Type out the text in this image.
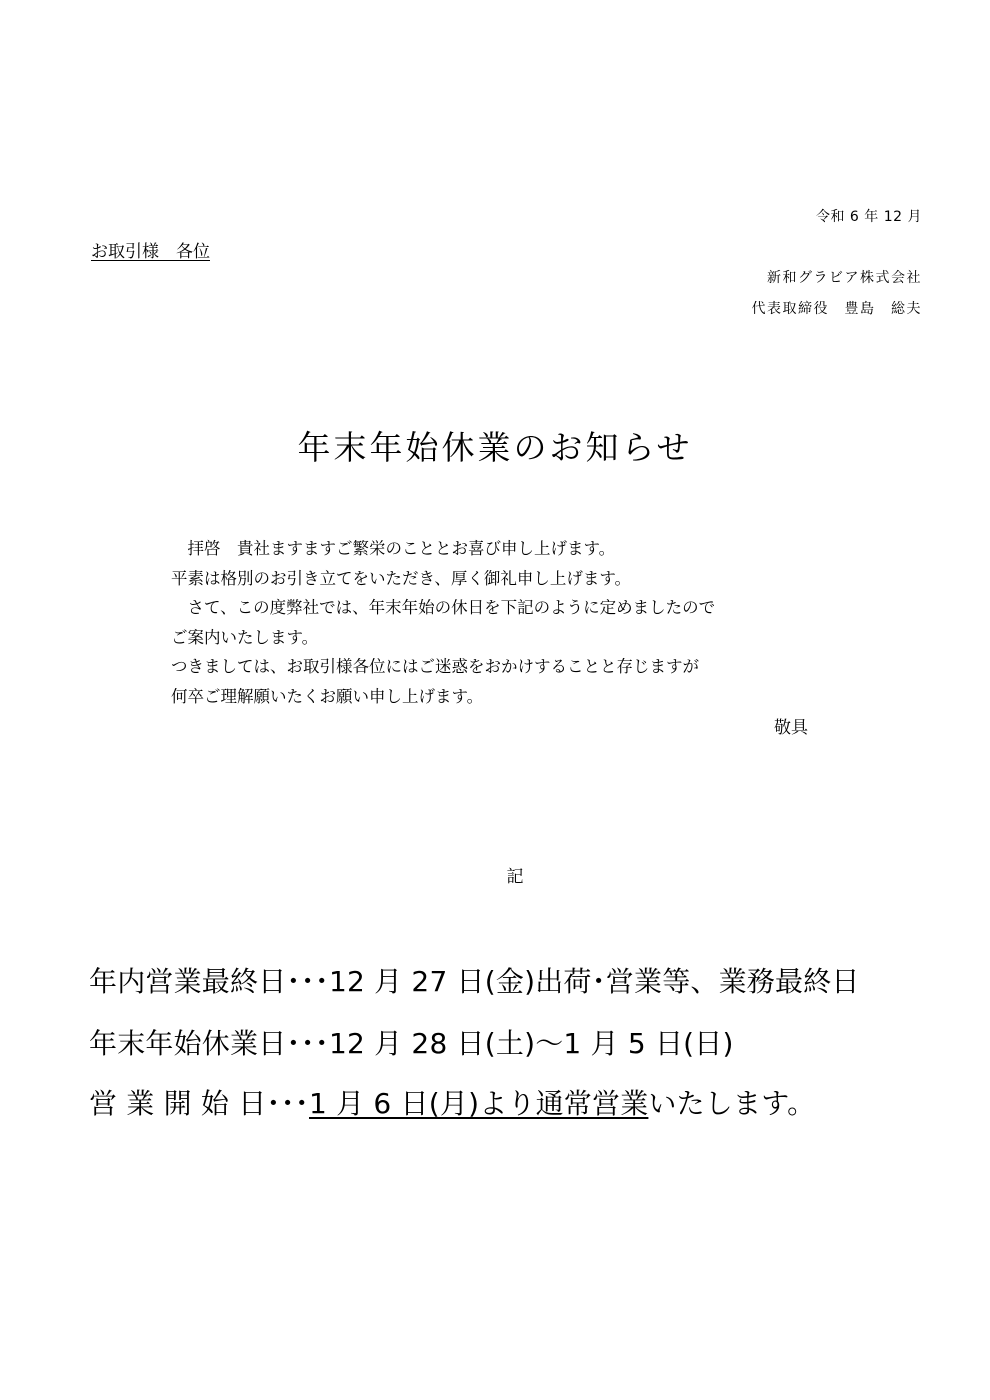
令和 6 年 12 月
お取引様　各位
新和グラビア株式会社
代表取締役　豊島　総夫
年末年始休業のお知らせ
　拝啓　貴社ますますご繁栄のこととお喜び申し上げます。
平素は格別のお引き立てをいただき、厚く御礼申し上げます。
　さて、この度弊社では、年末年始の休日を下記のように定めましたので
ご案内いたします。
つきましては、お取引様各位にはご迷惑をおかけすることと存じますが
何卒ご理解願いたくお願い申し上げます。
敬具
記
年内営業最終日･･･12 月 27 日(金)出荷･営業等、業務最終日
年末年始休業日･･･12 月 28 日(土)～1 月 5 日(日)
営 業 開 始 日･･･1 月 6 日(月)より通常営業いたします。
